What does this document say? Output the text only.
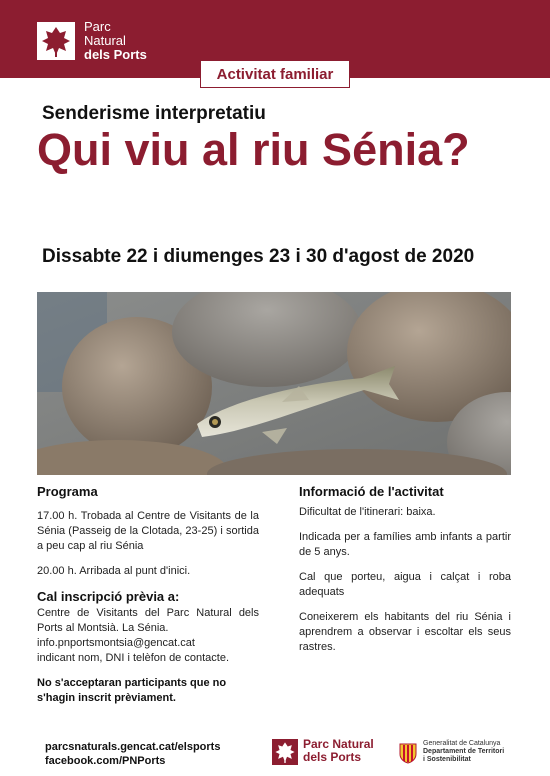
Parc
Natural
dels Ports
Activitat familiar
Senderisme interpretatiu
Qui viu al riu Sénia?
Dissabte 22 i diumenges 23 i 30 d'agost de 2020
Programa
17.00 h. Trobada al Centre de Visitants de la Sénia (Passeig de la Clotada, 23-25) i sortida a peu cap al riu Sénia
20.00 h. Arribada al punt d'inici.
Cal inscripció prèvia a:
Centre de Visitants del Parc Natural dels Ports al Montsià. La Sénia.
info.pnportsmontsia@gencat.cat
indicant nom, DNI i telèfon de contacte.
No s'acceptaran participants que no s'hagin inscrit prèviament.
Informació de l'activitat
Dificultat de l'itinerari: baixa.
Indicada per a famílies amb infants a partir de 5 anys.
Cal que porteu, aigua i calçat i roba adequats
Coneixerem els habitants del riu Sénia i aprendrem a observar i escoltar els seus rastres.
parcsnaturals.gencat.cat/elsports
facebook.com/PNPorts
Parc Natural
dels Ports
Generalitat de Catalunya
Departament de Territori
i Sostenibilitat
